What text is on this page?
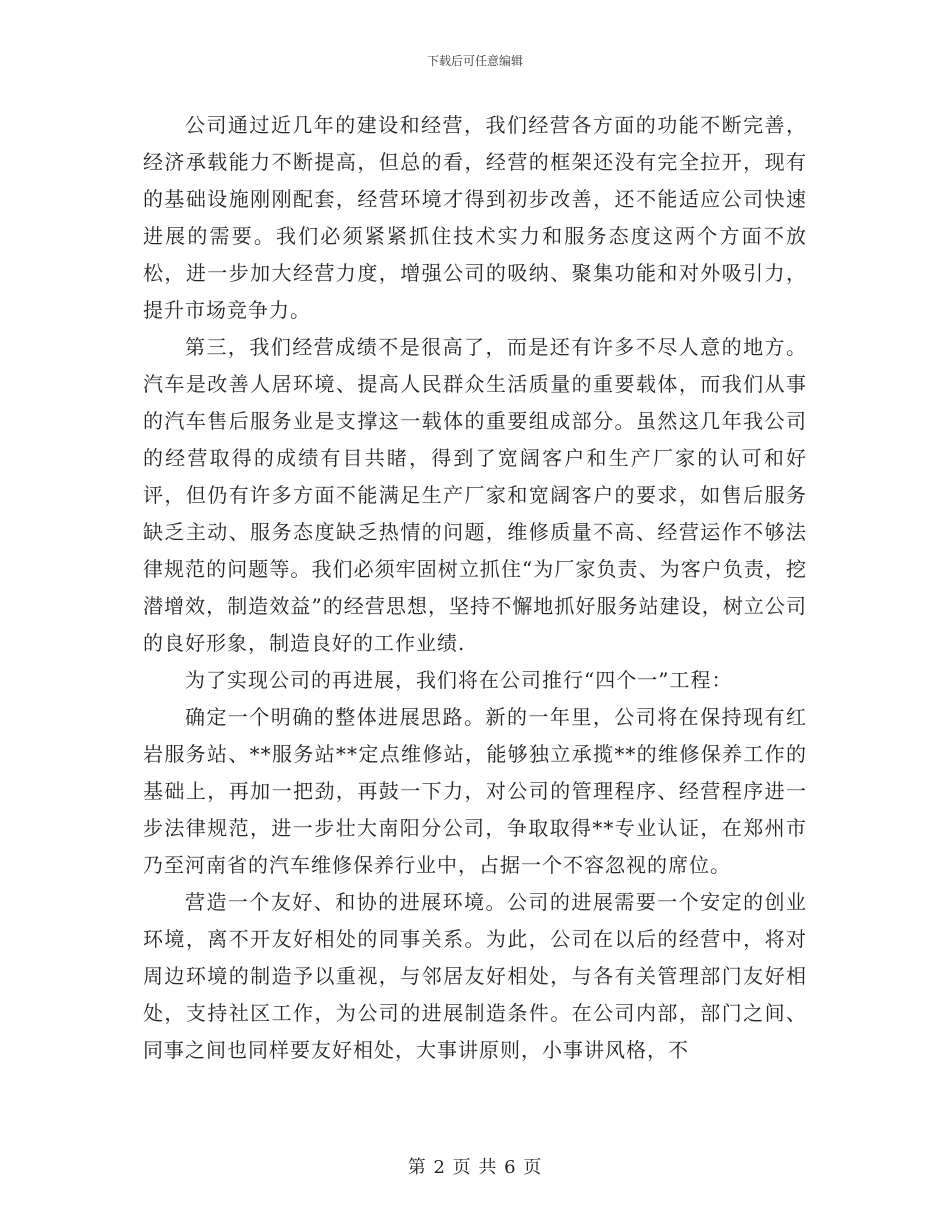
下载后可任意编辑

公司通过近几年的建设和经营，我们经营各方面的功能不断完善，经济承载能力不断提高，但总的看，经营的框架还没有完全拉开，现有的基础设施刚刚配套，经营环境才得到初步改善，还不能适应公司快速进展的需要。我们必须紧紧抓住技术实力和服务态度这两个方面不放松，进一步加大经营力度，增强公司的吸纳、聚集功能和对外吸引力，提升市场竞争力。

第三，我们经营成绩不是很高了，而是还有许多不尽人意的地方。汽车是改善人居环境、提高人民群众生活质量的重要载体，而我们从事的汽车售后服务业是支撑这一载体的重要组成部分。虽然这几年我公司的经营取得的成绩有目共睹，得到了宽阔客户和生产厂家的认可和好评，但仍有许多方面不能满足生产厂家和宽阔客户的要求，如售后服务缺乏主动、服务态度缺乏热情的问题，维修质量不高、经营运作不够法律规范的问题等。我们必须牢固树立抓住“为厂家负责、为客户负责，挖潜增效，制造效益”的经营思想，坚持不懈地抓好服务站建设，树立公司的良好形象，制造良好的工作业绩.

为了实现公司的再进展，我们将在公司推行“四个一”工程：

确定一个明确的整体进展思路。新的一年里，公司将在保持现有红岩服务站、**服务站**定点维修站，能够独立承揽**的维修保养工作的基础上，再加一把劲，再鼓一下力，对公司的管理程序、经营程序进一步法律规范，进一步壮大南阳分公司，争取取得**专业认证，在郑州市乃至河南省的汽车维修保养行业中，占据一个不容忽视的席位。

营造一个友好、和协的进展环境。公司的进展需要一个安定的创业环境，离不开友好相处的同事关系。为此，公司在以后的经营中，将对周边环境的制造予以重视，与邻居友好相处，与各有关管理部门友好相处，支持社区工作，为公司的进展制造条件。在公司内部，部门之间、同事之间也同样要友好相处，大事讲原则，小事讲风格，不

第 2 页 共 6 页
